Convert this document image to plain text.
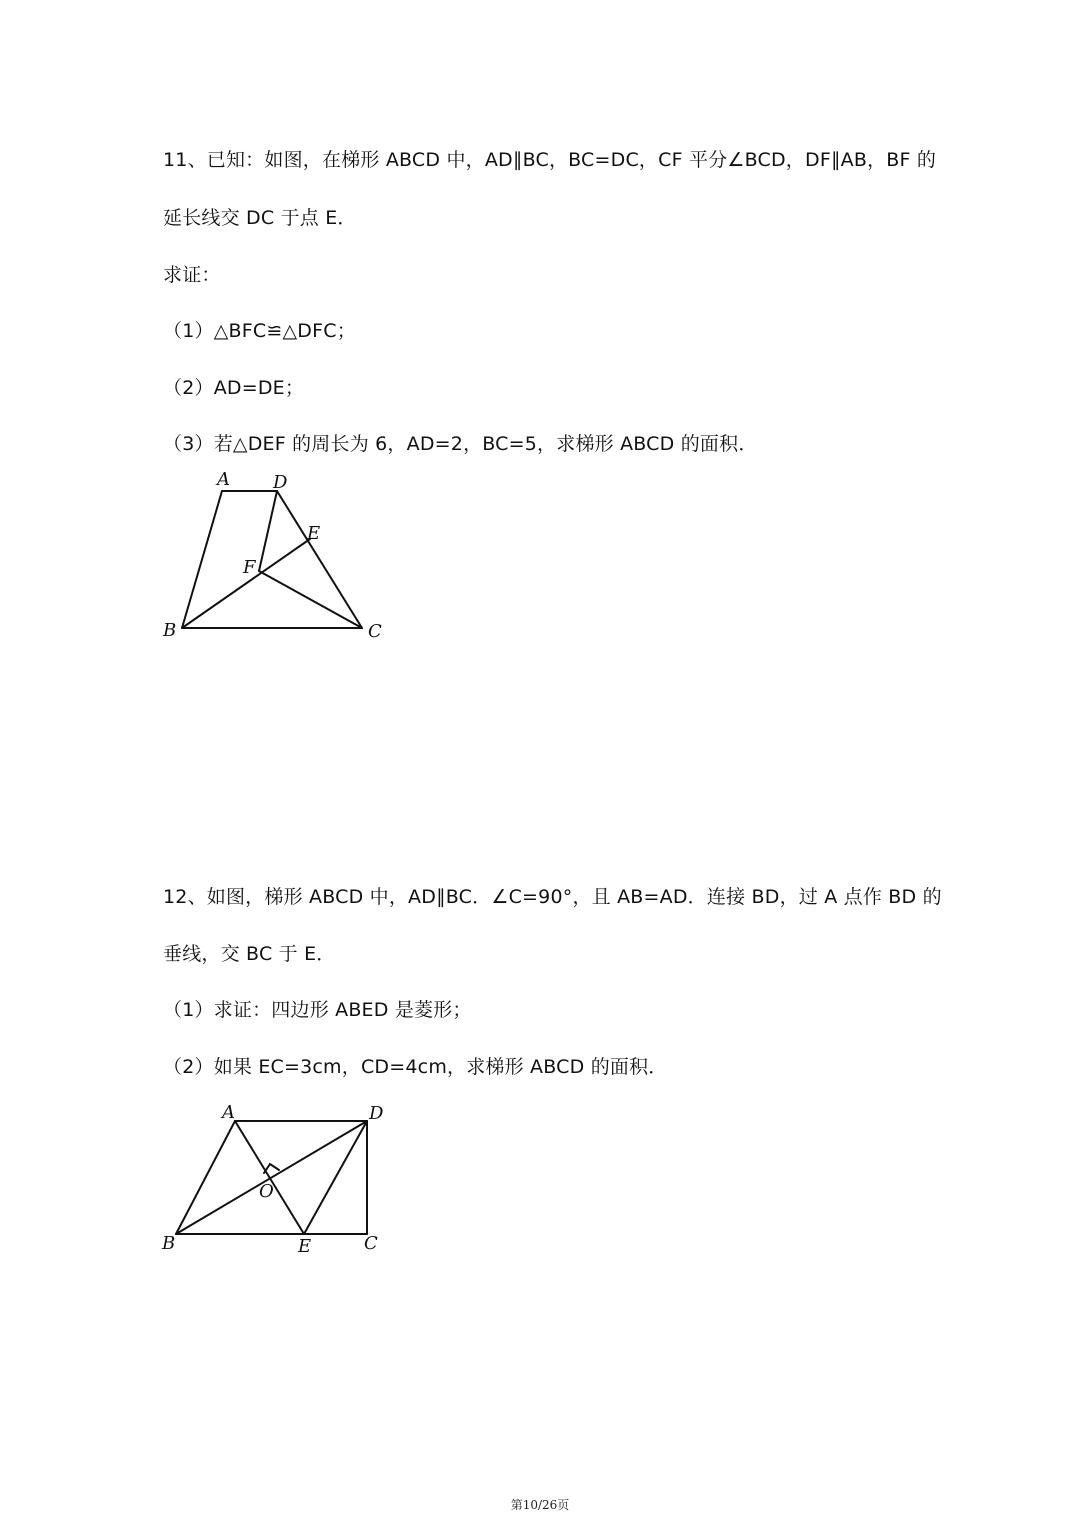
11、已知：如图，在梯形 ABCD 中，AD∥BC，BC=DC，CF 平分∠BCD，DF∥AB，BF 的
延长线交 DC 于点 E．
求证：
（1）△BFC≌△DFC；
（2）AD=DE；
（3）若△DEF 的周长为 6，AD=2，BC=5，求梯形 ABCD 的面积．
A D
E
F
B	C
12、如图，梯形 ABCD 中，AD∥BC．∠C=90°，且 AB=AD．连接 BD，过 A 点作 BD 的
垂线，交 BC 于 E．
（1）求证：四边形 ABED 是菱形；
（2）如果 EC=3cm，CD=4cm，求梯形 ABCD 的面积．
A	D
O
B	E	C
第10/26页
